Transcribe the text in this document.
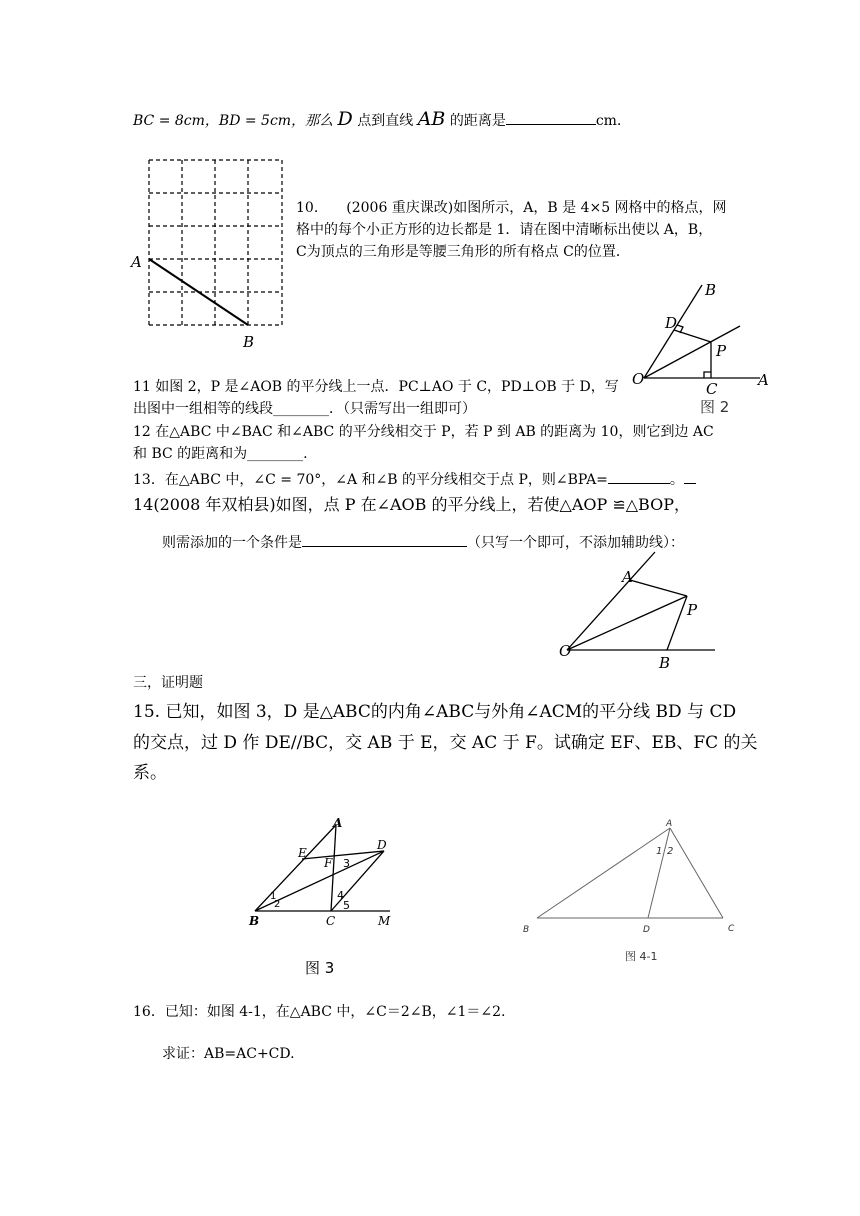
BC = 8cm，BD = 5cm，那么 D 点到直线 AB 的距离是	cm．
A
B
10.　　(2006 重庆课改)如图所示，A，B 是 4×5 网格中的格点，网
格中的每个小正方形的边长都是 1．请在图中清晰标出使以 A，B，
C为顶点的三角形是等腰三角形的所有格点 C的位置．
B
D
P
O
C	A
图 2
11 如图 2，P 是∠AOB 的平分线上一点．PC⊥AO 于 C，PD⊥OB 于 D，写
出图中一组相等的线段________．（只需写出一组即可）
12 在△ABC 中∠BAC 和∠ABC 的平分线相交于 P，若 P 到 AB 的距离为 10，则它到边 AC
和 BC 的距离和为________.
13．在△ABC 中，∠C = 70°，∠A 和∠B 的平分线相交于点 P，则∠BPA=	。
14(2008 年双柏县)如图，点 P 在∠AOB 的平分线上，若使△AOP ≌△BOP，
则需添加的一个条件是	（只写一个即可，不添加辅助线）：
A
P
O
B
三，证明题
15. 已知，如图 3，D 是△ABC的内角∠ABC与外角∠ACM的平分线 BD 与 CD
的交点，过 D 作 DE//BC，交 AB 于 E，交 AC 于 F。试确定 EF、EB、FC 的关
系。
A
E
F 3
D
1
2
4
5
B	C	M
图 3
A
1 2
B	D	C
图 4-1
16．已知：如图 4-1，在△ABC 中，∠C＝2∠B，∠1＝∠2.
求证：AB=AC+CD.
